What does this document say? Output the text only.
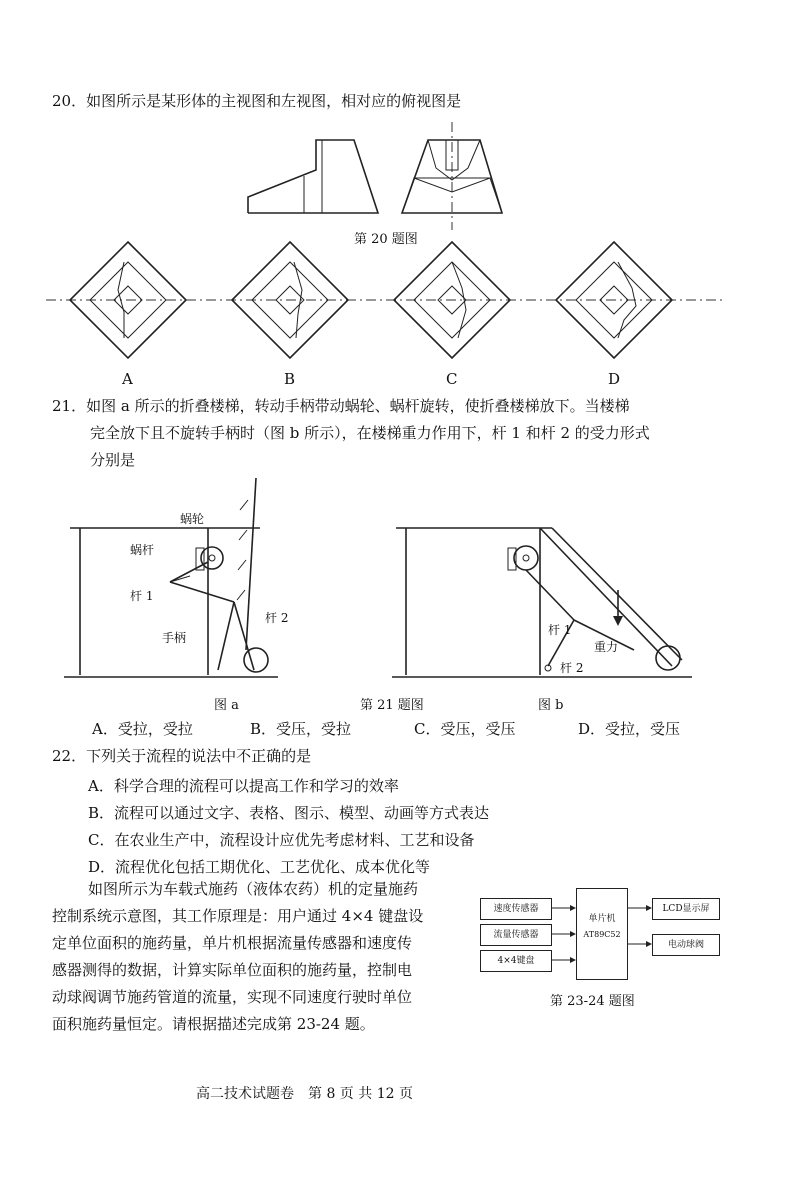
20．如图所示是某形体的主视图和左视图，相对应的俯视图是
第 20 题图
A	B	C	D
21．如图 a 所示的折叠楼梯，转动手柄带动蜗轮、蜗杆旋转，使折叠楼梯放下。当楼梯
完全放下且不旋转手柄时（图 b 所示），在楼梯重力作用下，杆 1 和杆 2 的受力形式
分别是
蜗轮
蜗杆
杆 1
杆 2
手柄
杆 1
杆 2
重力
图 a	第 21 题图	图 b
A．受拉，受拉	B．受压，受拉	C．受压，受压	D．受拉，受压
22．下列关于流程的说法中不正确的是
A．科学合理的流程可以提高工作和学习的效率
B．流程可以通过文字、表格、图示、模型、动画等方式表达
C．在农业生产中，流程设计应优先考虑材料、工艺和设备
D．流程优化包括工期优化、工艺优化、成本优化等
如图所示为车载式施药（液体农药）机的定量施药
控制系统示意图，其工作原理是：用户通过 4×4 键盘设
定单位面积的施药量，单片机根据流量传感器和速度传
感器测得的数据，计算实际单位面积的施药量，控制电
动球阀调节施药管道的流量，实现不同速度行驶时单位
面积施药量恒定。请根据描述完成第 23-24 题。
速度传感器
流量传感器
4×4键盘
单片机
AT89C52
LCD显示屏
电动球阀
第 23-24 题图
高二技术试题卷　第 8 页 共 12 页
